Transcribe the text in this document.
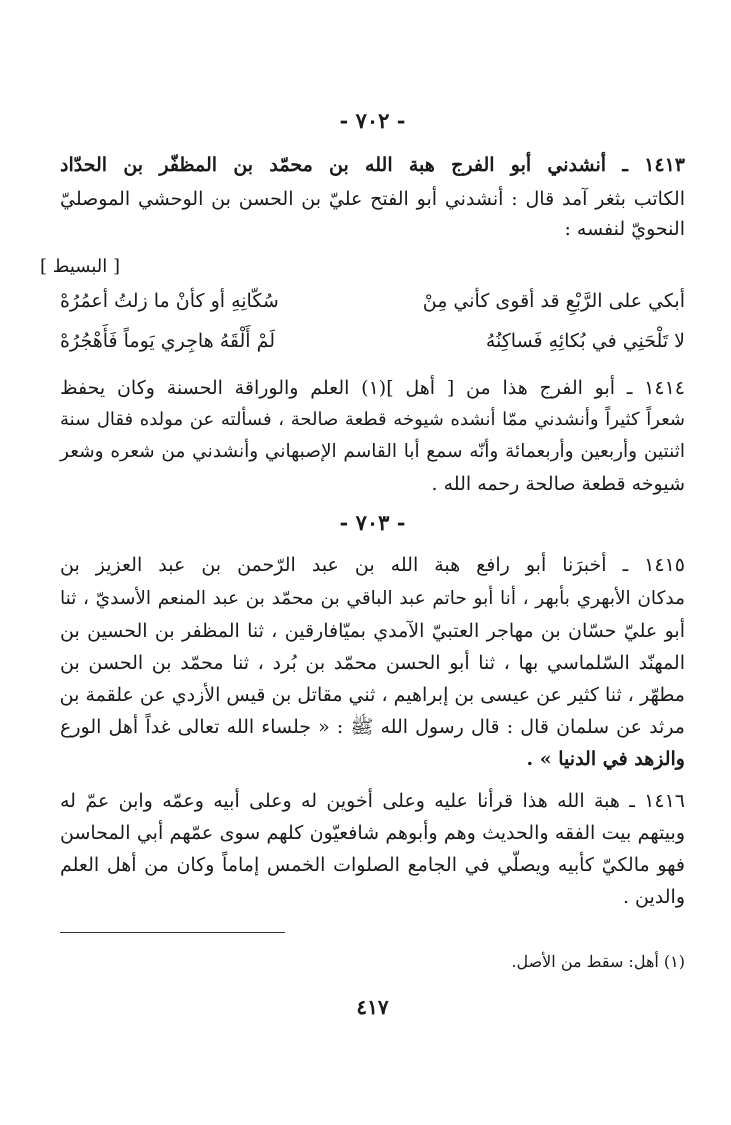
- ٧٠٢ -
١٤١٣ ـ أنشدني أبو الفرج هبة الله بن محمّد بن المظفّر بن الحدّاد
الكاتب بثغر آمد قال : أنشدني أبو الفتح عليّ بن الحسن بن الوحشي الموصليّ
النحويّ لنفسه :
[ البسيط ]
أبكي على الرَّبْعِ قد أقوى كأني مِنْ
سُكّانِهِ أو كأنْ ما زلتُ أعمُرُهْ
لا تَلْحَنِي في بُكائِهِ فَساكِنُهُ
لَمْ أَلْقَهُ هاجِري يَوماً فَأَهْجُرُهْ
١٤١٤ ـ أبو الفرج هذا من [ أهل ](١) العلم والوراقة الحسنة وكان يحفظ
شعراً كثيراً وأنشدني ممّا أنشده شيوخه قطعة صالحة ، فسألته عن مولده فقال سنة
اثنتين وأربعين وأربعمائة وأنّه سمع أبا القاسم الإصبهاني وأنشدني من شعره وشعر
شيوخه قطعة صالحة رحمه الله .
- ٧٠٣ -
١٤١٥ ـ أخبرَنا أبو رافع هبة الله بن عبد الرّحمن بن عبد العزيز بن
مدكان الأبهري بأبهر ، أنا أبو حاتم عبد الباقي بن محمّد بن عبد المنعم الأسديّ ، ثنا
أبو عليّ حسّان بن مهاجر العتبيّ الآمدي بميّافارقين ، ثنا المظفر بن الحسين بن
المهنّد السّلماسي بها ، ثنا أبو الحسن محمّد بن بُرد ، ثنا محمّد بن الحسن بن
مطهّر ، ثنا كثير عن عيسى بن إبراهيم ، ثني مقاتل بن قيس الأزدي عن علقمة بن
مرثد عن سلمان قال : قال رسول الله ﷺ : « جلساء الله تعالى غداً أهل الورع
والزهد في الدنيا » .
١٤١٦ ـ هبة الله هذا قرأنا عليه وعلى أخوين له وعلى أبيه وعمّه وابن عمّ له
وبيتهم بيت الفقه والحديث وهم وأبوهم شافعيّون كلهم سوى عمّهم أبي المحاسن
فهو مالكيّ كأبيه ويصلّي في الجامع الصلوات الخمس إماماً وكان من أهل العلم
والدين .
(١) أهل: سقط من الأصل.
٤١٧
